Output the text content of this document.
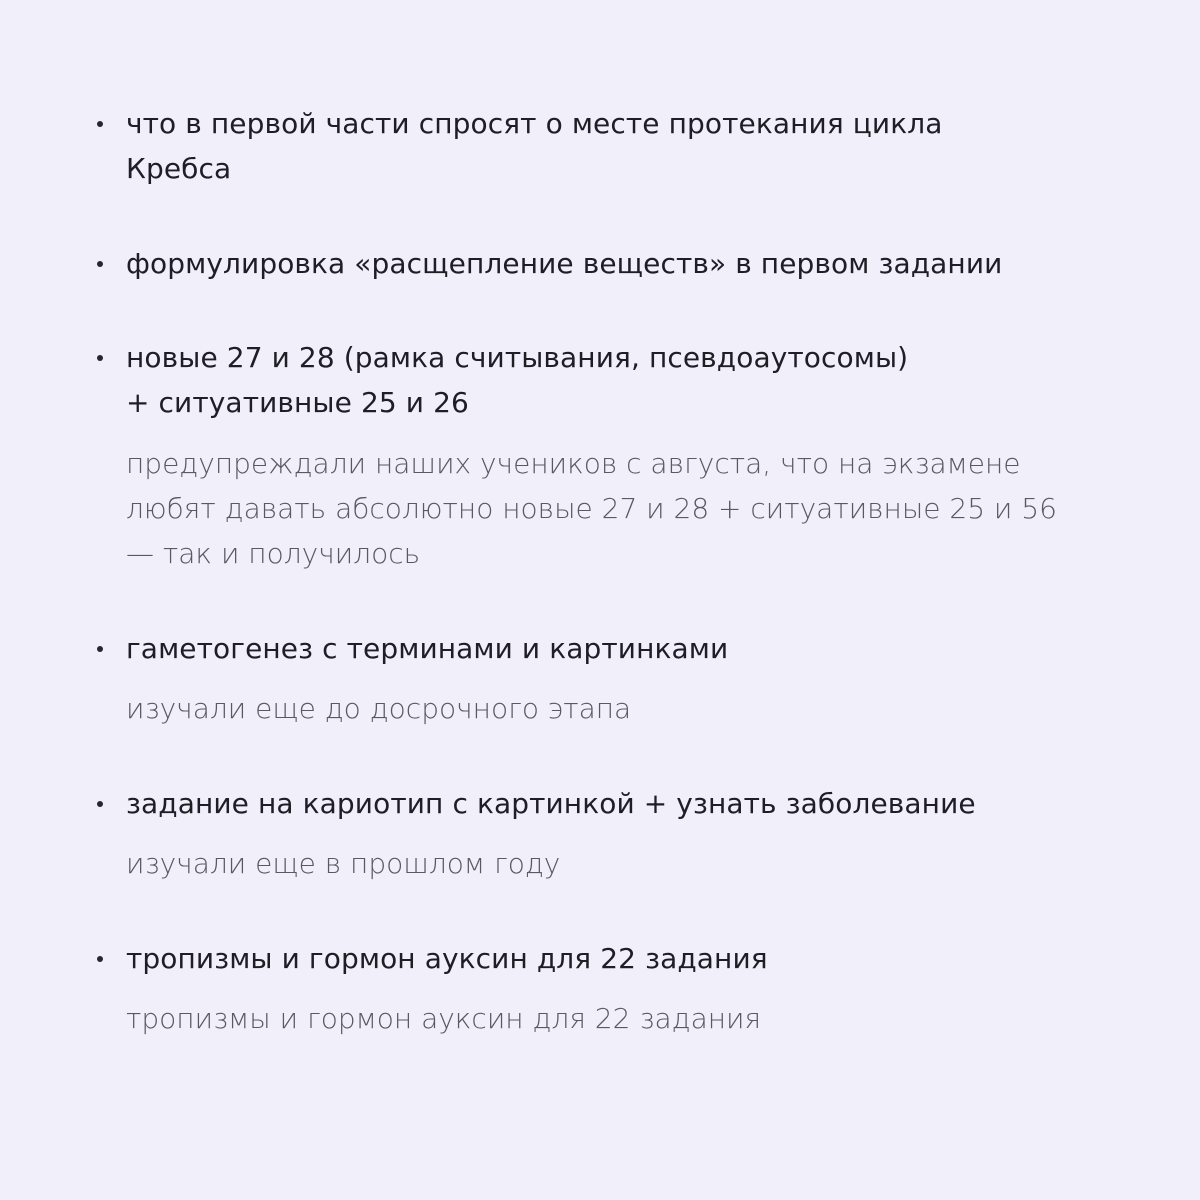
что в первой части спросят о месте протекания цикла
Кребса
формулировка «расщепление веществ» в первом задании
новые 27 и 28 (рамка считывания, псевдоаутосомы)
+ ситуативные 25 и 26
предупреждали наших учеников с августа, что на экзамене
любят давать абсолютно новые 27 и 28 + ситуативные 25 и 56
— так и получилось
гаметогенез с терминами и картинками
изучали еще до досрочного этапа
задание на кариотип с картинкой + узнать заболевание
изучали еще в прошлом году
тропизмы и гормон ауксин для 22 задания
тропизмы и гормон ауксин для 22 задания
